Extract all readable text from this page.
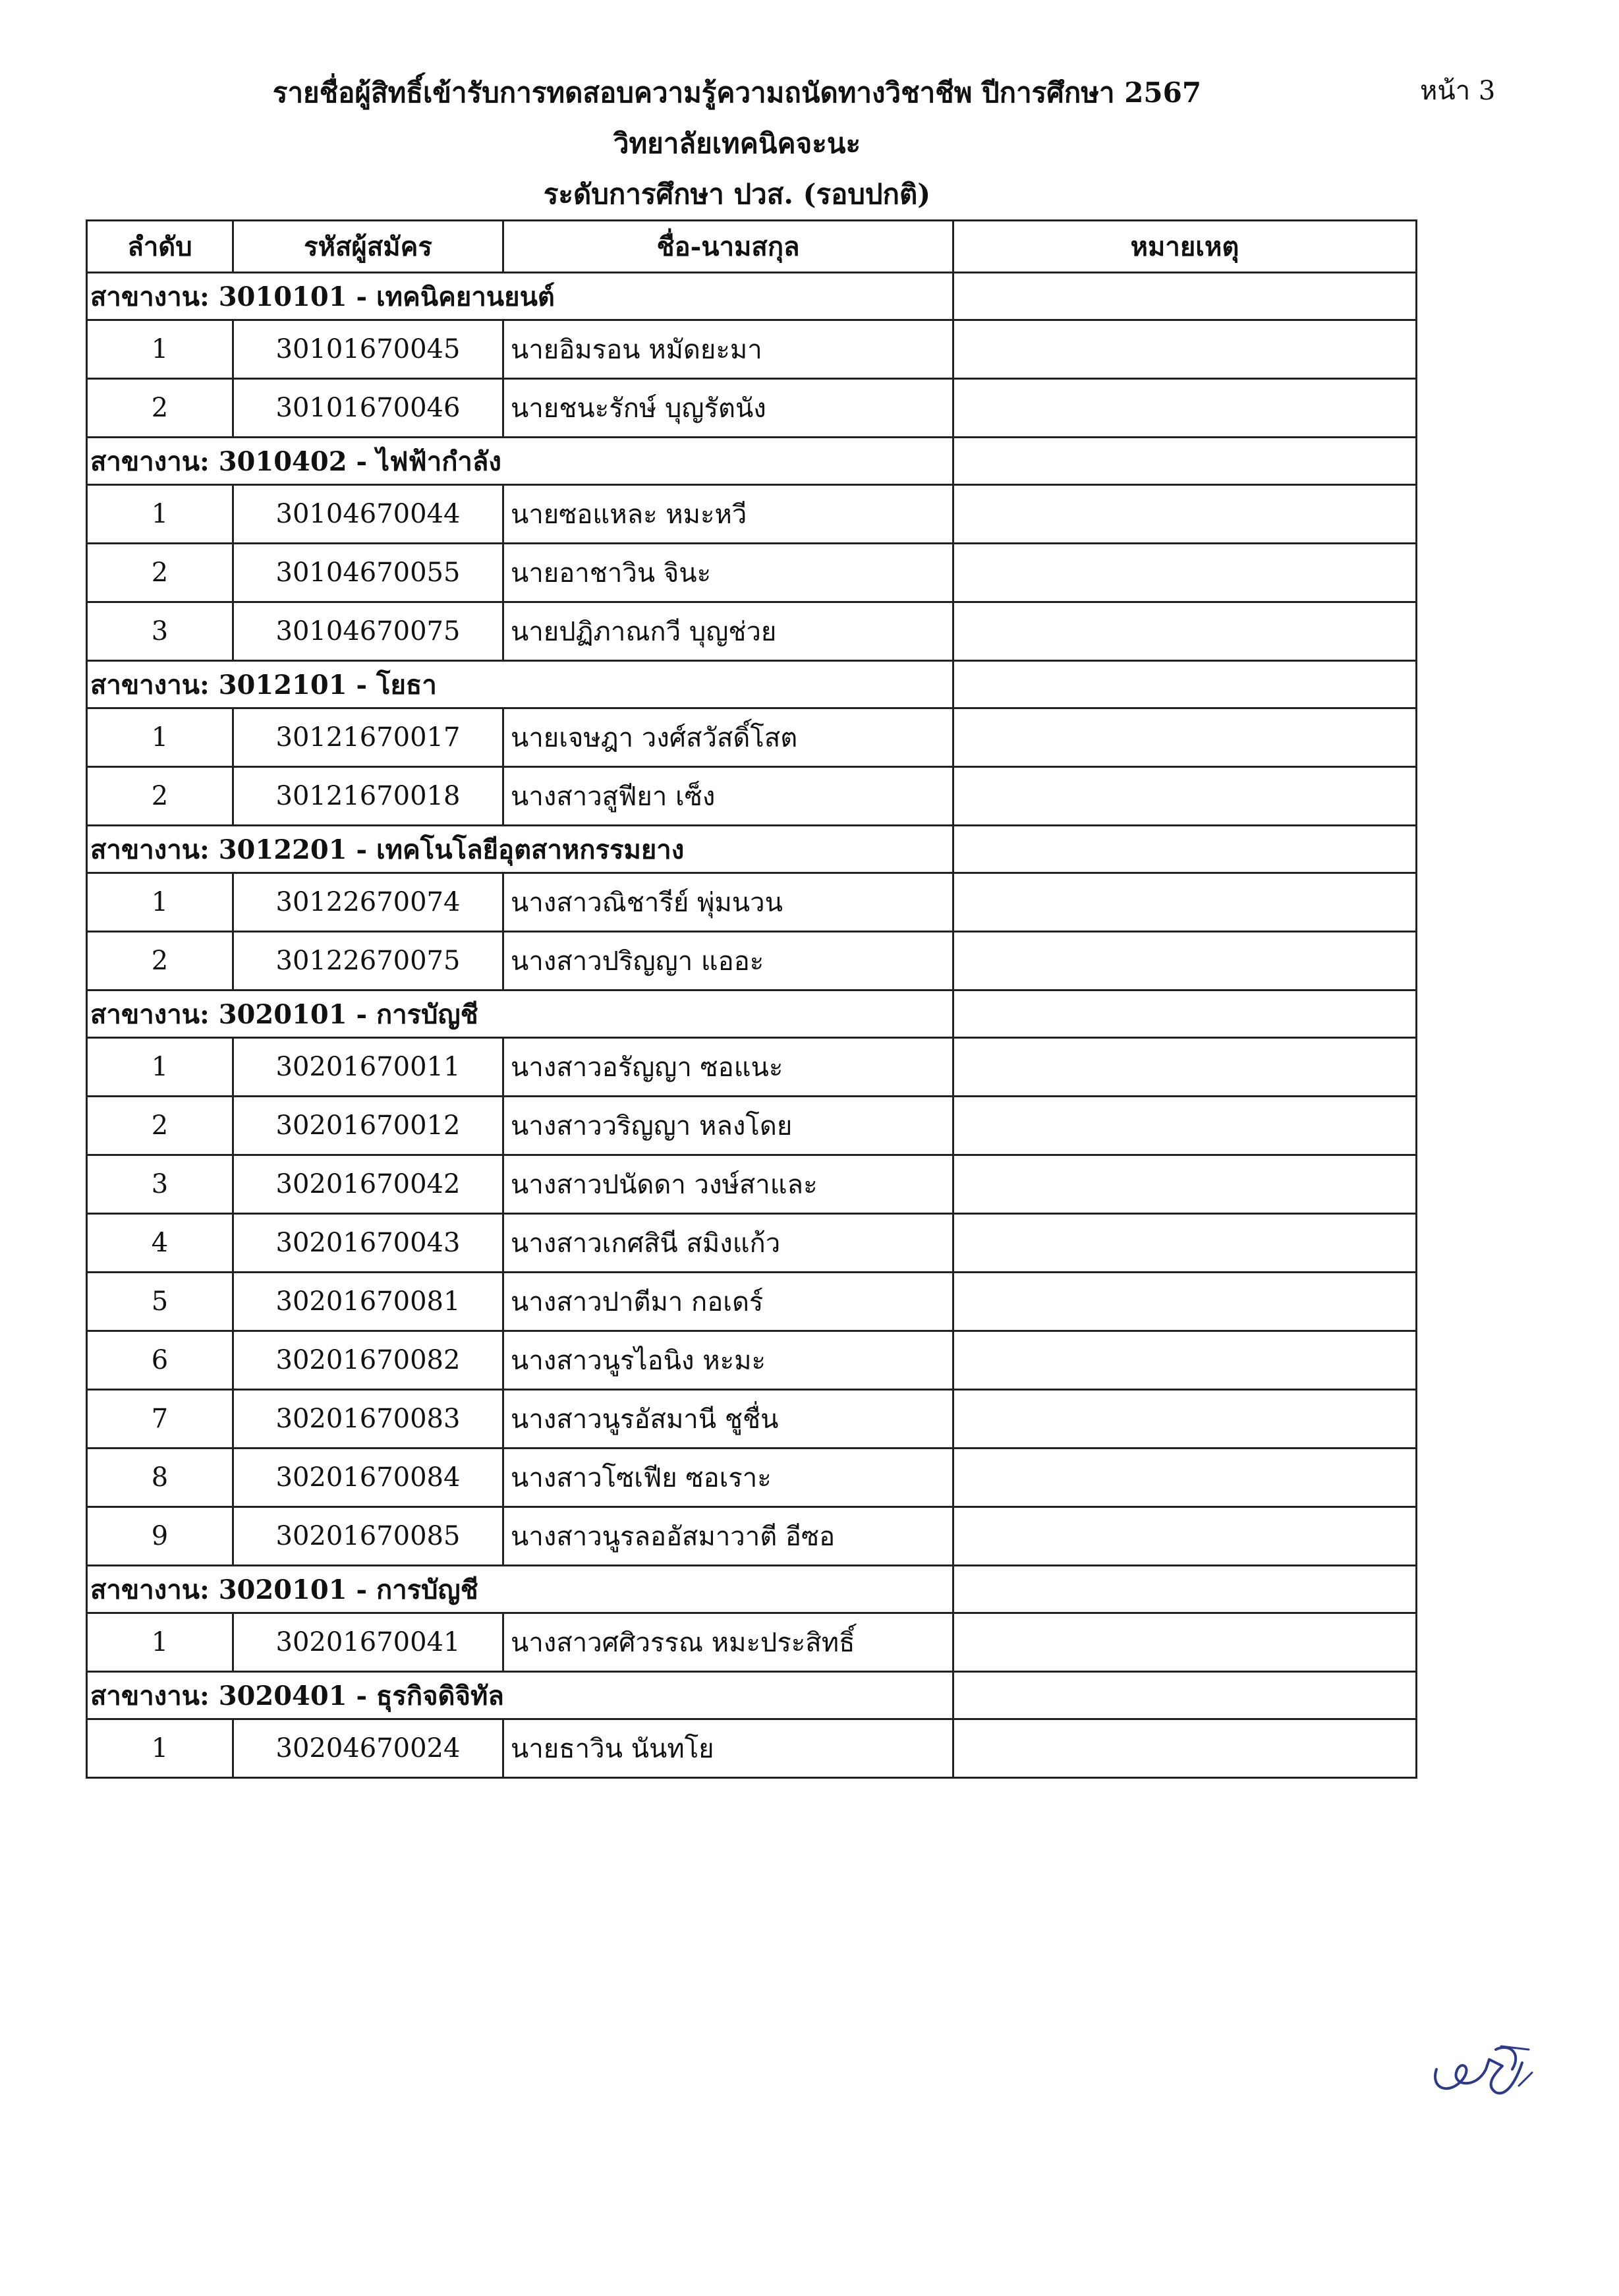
รายชื่อผู้สิทธิ์เข้ารับการทดสอบความรู้ความถนัดทางวิชาชีพ ปีการศึกษา 2567
วิทยาลัยเทคนิคจะนะ
ระดับการศึกษา ปวส. (รอบปกติ)
หน้า 3
ลำดับ	รหัสผู้สมัคร	ชื่อ-นามสกุล	หมายเหตุ
สาขางาน: 3010101 - เทคนิคยานยนต์			
1	30101670045	นายอิมรอน หมัดยะมา	
2	30101670046	นายชนะรักษ์ บุญรัตนัง	
สาขางาน: 3010402 - ไฟฟ้ากำลัง			
1	30104670044	นายซอแหละ หมะหวี	
2	30104670055	นายอาชาวิน จินะ	
3	30104670075	นายปฏิภาณกวี บุญช่วย	
สาขางาน: 3012101 - โยธา			
1	30121670017	นายเจษฎา วงศ์สวัสดิ์โสต	
2	30121670018	นางสาวสูฟียา เซ็ง	
สาขางาน: 3012201 - เทคโนโลยีอุตสาหกรรมยาง			
1	30122670074	นางสาวณิชารีย์ พุ่มนวน	
2	30122670075	นางสาวปริญญา แออะ	
สาขางาน: 3020101 - การบัญชี			
1	30201670011	นางสาวอรัญญา ซอแนะ	
2	30201670012	นางสาววริญญา หลงโดย	
3	30201670042	นางสาวปนัดดา วงษ์สาและ	
4	30201670043	นางสาวเกศสินี สมิงแก้ว	
5	30201670081	นางสาวปาตีมา กอเดร์	
6	30201670082	นางสาวนูรไอนิง หะมะ	
7	30201670083	นางสาวนูรอัสมานี ชูชื่น	
8	30201670084	นางสาวโซเฟีย ซอเราะ	
9	30201670085	นางสาวนูรลออัสมาวาตี อีซอ	
สาขางาน: 3020101 - การบัญชี			
1	30201670041	นางสาวศศิวรรณ หมะประสิทธิ์	
สาขางาน: 3020401 - ธุรกิจดิจิทัล			
1	30204670024	นายธาวิน นันทโย	
